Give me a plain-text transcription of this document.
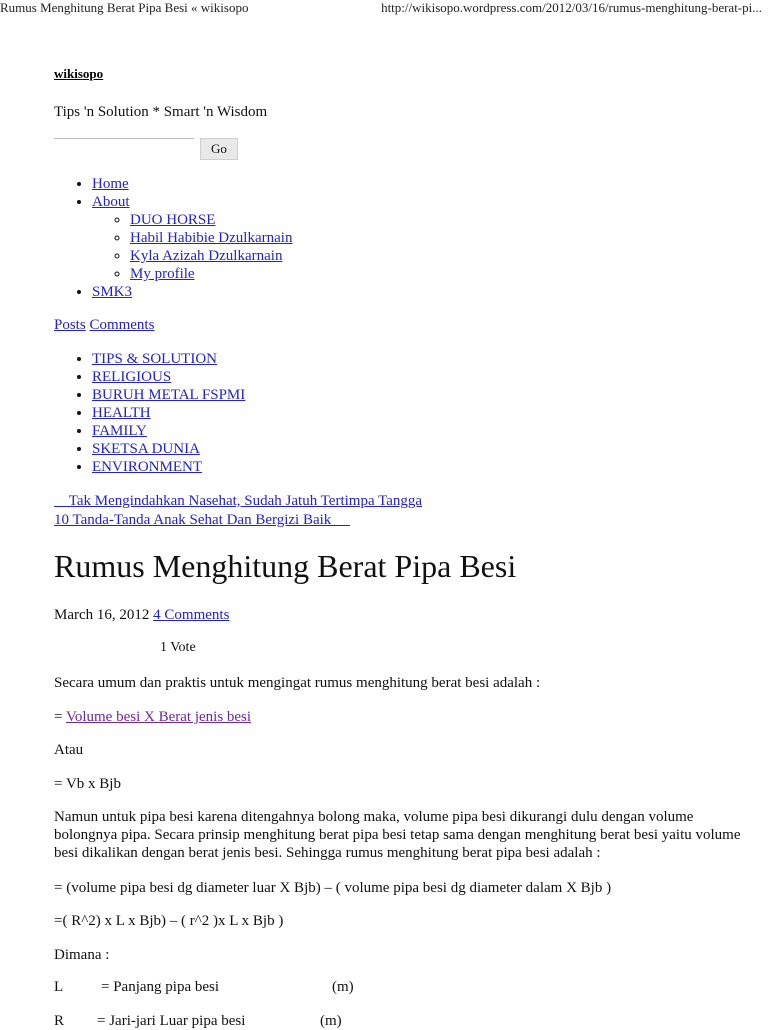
Rumus Menghitung Berat Pipa Besi « wikisopo	http://wikisopo.wordpress.com/2012/03/16/rumus-menghitung-berat-pi...
wikisopo
Tips 'n Solution * Smart 'n Wisdom
Go
• Home
• About
◦ DUO HORSE
◦ Habil Habibie Dzulkarnain
◦ Kyla Azizah Dzulkarnain
◦ My profile
• SMK3
Posts Comments
• TIPS & SOLUTION
• RELIGIOUS
• BURUH METAL FSPMI
• HEALTH
• FAMILY
• SKETSA DUNIA
• ENVIRONMENT
Tak Mengindahkan Nasehat, Sudah Jatuh Tertimpa Tangga
10 Tanda-Tanda Anak Sehat Dan Bergizi Baik
Rumus Menghitung Berat Pipa Besi
March 16, 2012 4 Comments
1 Vote

Secara umum dan praktis untuk mengingat rumus menghitung berat besi adalah :

= Volume besi X Berat jenis besi

Atau

= Vb x Bjb

Namun untuk pipa besi karena ditengahnya bolong maka, volume pipa besi dikurangi dulu dengan volume bolongnya pipa. Secara prinsip menghitung berat pipa besi tetap sama dengan menghitung berat besi yaitu volume besi dikalikan dengan berat jenis besi. Sehingga rumus menghitung berat pipa besi adalah :

= (volume pipa besi dg diameter luar X Bjb) – ( volume pipa besi dg diameter dalam X Bjb )

=( R^2) x L x Bjb) – ( r^2 )x L x Bjb )

Dimana :

L	= Panjang pipa besi	(m)
R = Jari-jari Luar pipa besi	(m)
